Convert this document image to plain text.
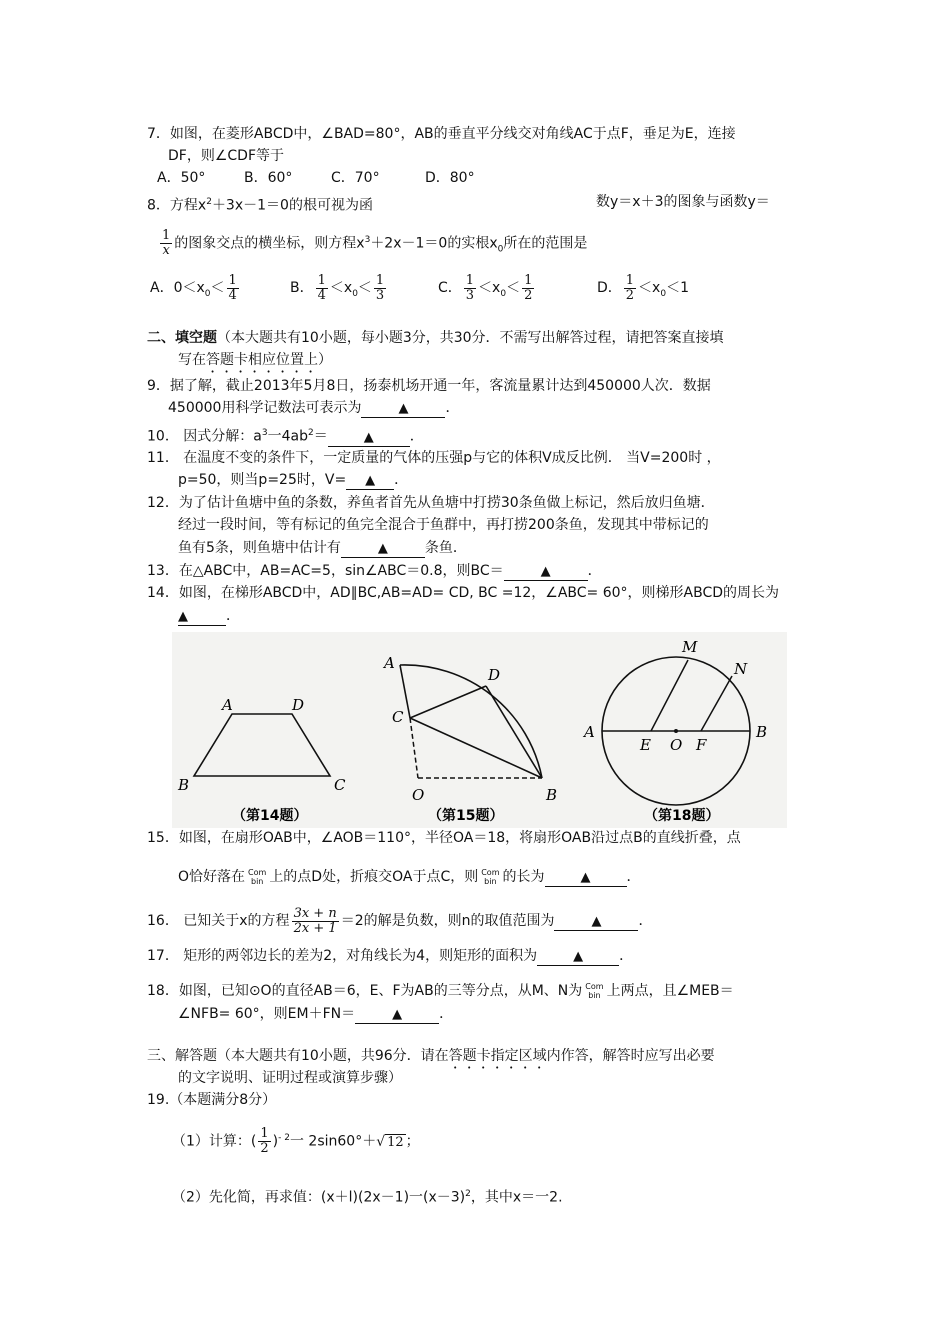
7．如图，在菱形ABCD中，∠BAD=80°，AB的垂直平分线交对角线AC于点F，垂足为E，连接
DF，则∠CDF等于
A．50°	B．60°	C．70°	D．80°
8．方程$x^2+3x-1=0$的根可视为函	数y＝x＋3的图象与函数y＝
$\frac{1}{x}$ 的图象交点的横坐标，则方程$x^3+2x-1=0$的实根$x_0$所在的范围是
A．$0<x_0< \frac{1}{4}$	B． $\frac{1}{4} <x_0< \frac{1}{3}$	C． $\frac{1}{3} <x_0< \frac{1}{2}$	D． $\frac{1}{2} <x_0<1$
二、填空题（本大题共有10小题，每小题3分，共30分．不需写出解答过程，请把答案直接填
写在答题卡相应位置上）
9．据了解，截止2013年5月8日，扬泰机场开通一年，客流量累计达到450000人次．数据
450000用科学记数法可表示为	▲	．
10． 因式分解：$a^3$一$4ab^2=$	▲	．
11． 在温度不变的条件下，一定质量的气体的压强p与它的体积V成反比例． 当V=200时 ，
p=50，则当p=25时，V= ▲ ．
12．为了估计鱼塘中鱼的条数，养鱼者首先从鱼塘中打捞30条鱼做上标记，然后放归鱼塘．
经过一段时间，等有标记的鱼完全混合于鱼群中，再打捞200条鱼，发现其中带标记的
鱼有5条，则鱼塘中估计有	▲	条鱼．
13．在△ABC中，AB=AC=5，sin∠ABC＝0.8，则BC＝	▲	．
14．如图，在梯形ABCD中，AD∥BC,AB=AD= CD, BC =12，∠ABC= 60°，则梯形ABCD的周长为
▲	．
A	D
B	C
（第14题）
A
D
C
O	B
（第15题）
M
N
A
E O F
B
（第18题）
15．如图，在扇形OAB中，∠AOB＝110°，半径OA＝18，将扇形OAB沿过点B的直线折叠，点
O恰好落在 Com
bin 上的点D处，折痕交OA于点C，则 Com
bin 的长为	▲	．
16． 已知关于x的方程 $\frac{3x + n}{2x + 1} =2$的解是负数，则n的取值范围为	▲	．
17． 矩形的两邻边长的差为2，对角线长为4，则矩形的面积为	▲	．
18．如图，已知⊙O的直径AB＝6，E、F为AB的三等分点，从M、N为 Com
bin 上两点，且∠MEB＝
∠NFB= 60°，则EM＋FN＝	▲	．
三、解答题（本大题共有10小题，共96分．请在答题卡指定区域内作答，解答时应写出必要
的文字说明、证明过程或演算步骤）
19.（本题满分8分）
（1）计算：( $\frac{1}{2} )^{- 2}$一 2sin60°＋√ 12 ；
（2）先化简，再求值：(x＋l)(2x－1)一$(x-3)^2$，其中x＝一2.
